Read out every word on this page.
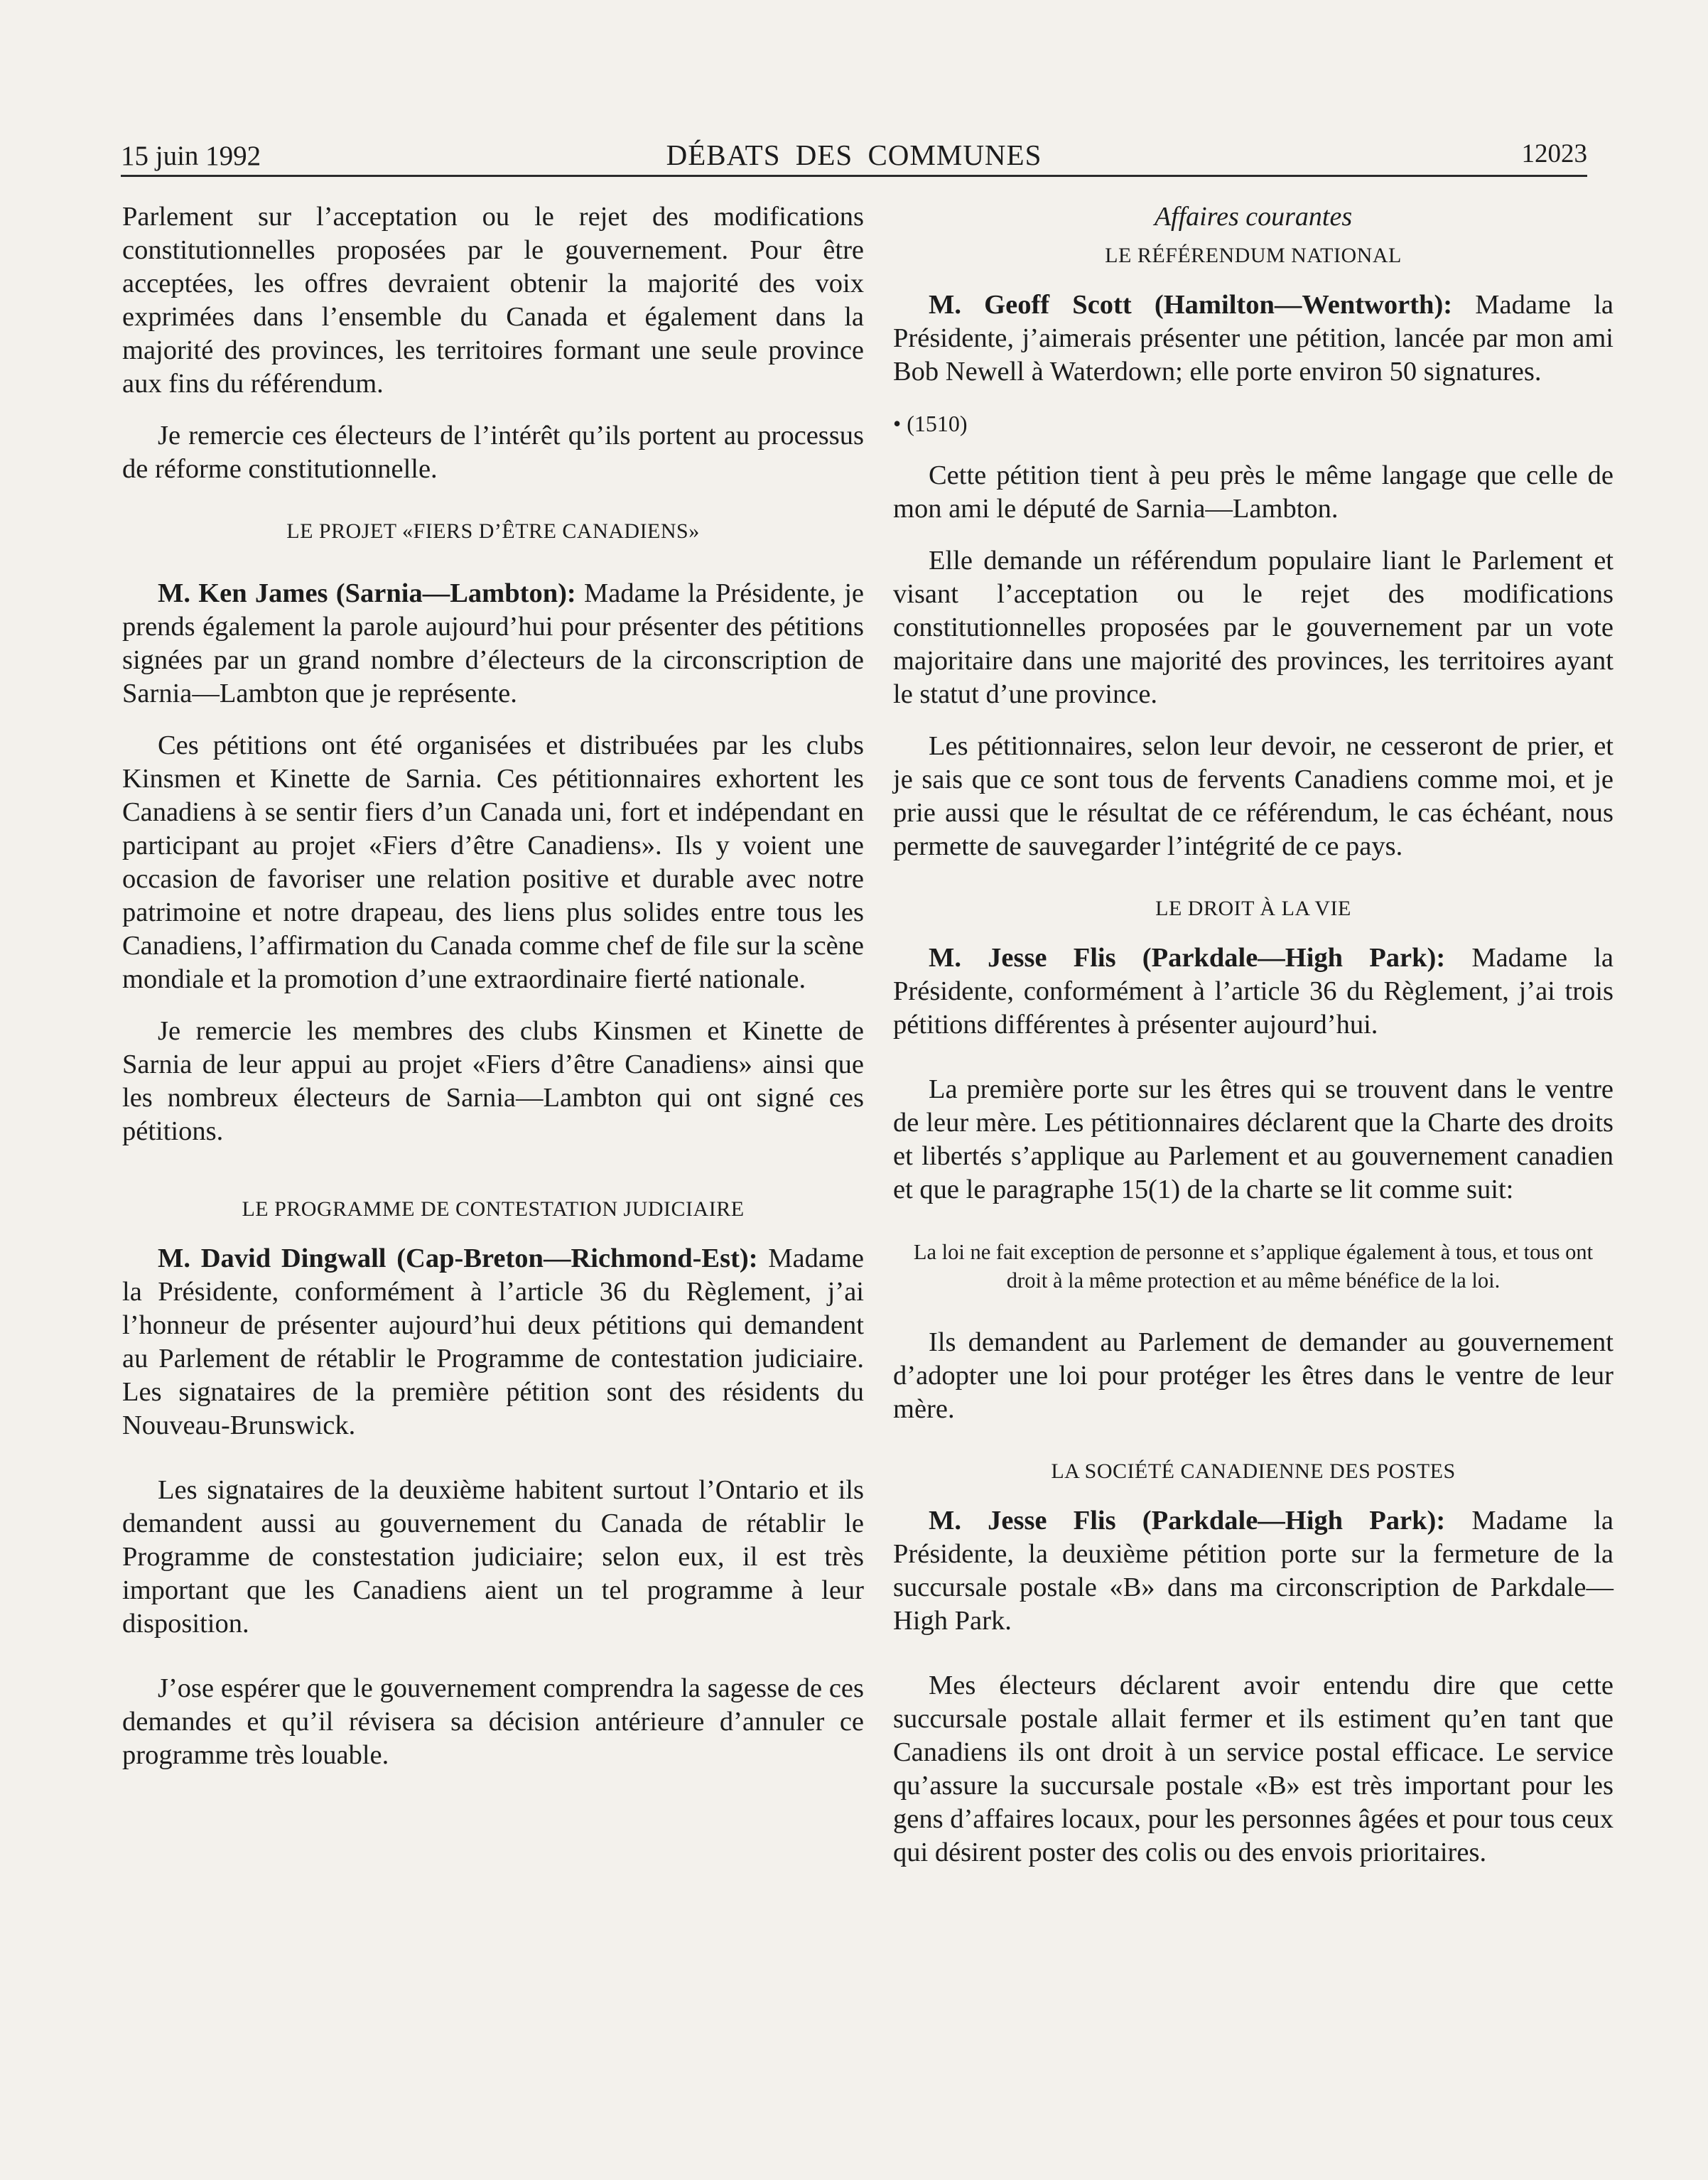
15 juin 1992	DÉBATS DES COMMUNES	12023

Parlement sur l’acceptation ou le rejet des modifications constitutionnelles proposées par le gouvernement. Pour être acceptées, les offres devraient obtenir la majorité des voix exprimées dans l’ensemble du Canada et également dans la majorité des provinces, les territoires formant une seule province aux fins du référendum.

Je remercie ces électeurs de l’intérêt qu’ils portent au processus de réforme constitutionnelle.

LE PROJET «FIERS D’ÊTRE CANADIENS»

M. Ken James (Sarnia—Lambton): Madame la Présidente, je prends également la parole aujourd’hui pour présenter des pétitions signées par un grand nombre d’électeurs de la circonscription de Sarnia—Lambton que je représente.

Ces pétitions ont été organisées et distribuées par les clubs Kinsmen et Kinette de Sarnia. Ces pétitionnaires exhortent les Canadiens à se sentir fiers d’un Canada uni, fort et indépendant en participant au projet «Fiers d’être Canadiens». Ils y voient une occasion de favoriser une relation positive et durable avec notre patrimoine et notre drapeau, des liens plus solides entre tous les Canadiens, l’affirmation du Canada comme chef de file sur la scène mondiale et la promotion d’une extraordinaire fierté nationale.

Je remercie les membres des clubs Kinsmen et Kinette de Sarnia de leur appui au projet «Fiers d’être Canadiens» ainsi que les nombreux électeurs de Sarnia—Lambton qui ont signé ces pétitions.

LE PROGRAMME DE CONTESTATION JUDICIAIRE

M. David Dingwall (Cap-Breton—Richmond-Est): Madame la Présidente, conformément à l’article 36 du Règlement, j’ai l’honneur de présenter aujourd’hui deux pétitions qui demandent au Parlement de rétablir le Programme de contestation judiciaire. Les signataires de la première pétition sont des résidents du Nouveau-Brunswick.

Les signataires de la deuxième habitent surtout l’Ontario et ils demandent aussi au gouvernement du Canada de rétablir le Programme de constestation judiciaire; selon eux, il est très important que les Canadiens aient un tel programme à leur disposition.

J’ose espérer que le gouvernement comprendra la sagesse de ces demandes et qu’il révisera sa décision antérieure d’annuler ce programme très louable.

Affaires courantes
LE RÉFÉRENDUM NATIONAL

M. Geoff Scott (Hamilton—Wentworth): Madame la Présidente, j’aimerais présenter une pétition, lancée par mon ami Bob Newell à Waterdown; elle porte environ 50 signatures.

• (1510)

Cette pétition tient à peu près le même langage que celle de mon ami le député de Sarnia—Lambton.

Elle demande un référendum populaire liant le Parlement et visant l’acceptation ou le rejet des modifications constitutionnelles proposées par le gouvernement par un vote majoritaire dans une majorité des provinces, les territoires ayant le statut d’une province.

Les pétitionnaires, selon leur devoir, ne cesseront de prier, et je sais que ce sont tous de fervents Canadiens comme moi, et je prie aussi que le résultat de ce référendum, le cas échéant, nous permette de sauvegarder l’intégrité de ce pays.

LE DROIT À LA VIE

M. Jesse Flis (Parkdale—High Park): Madame la Présidente, conformément à l’article 36 du Règlement, j’ai trois pétitions différentes à présenter aujourd’hui.

La première porte sur les êtres qui se trouvent dans le ventre de leur mère. Les pétitionnaires déclarent que la Charte des droits et libertés s’applique au Parlement et au gouvernement canadien et que le paragraphe 15(1) de la charte se lit comme suit:

La loi ne fait exception de personne et s’applique également à tous, et tous ont droit à la même protection et au même bénéfice de la loi.

Ils demandent au Parlement de demander au gouvernement d’adopter une loi pour protéger les êtres dans le ventre de leur mère.

LA SOCIÉTÉ CANADIENNE DES POSTES

M. Jesse Flis (Parkdale—High Park): Madame la Présidente, la deuxième pétition porte sur la fermeture de la succursale postale «B» dans ma circonscription de Parkdale—High Park.

Mes électeurs déclarent avoir entendu dire que cette succursale postale allait fermer et ils estiment qu’en tant que Canadiens ils ont droit à un service postal efficace. Le service qu’assure la succursale postale «B» est très important pour les gens d’affaires locaux, pour les personnes âgées et pour tous ceux qui désirent poster des colis ou des envois prioritaires.
